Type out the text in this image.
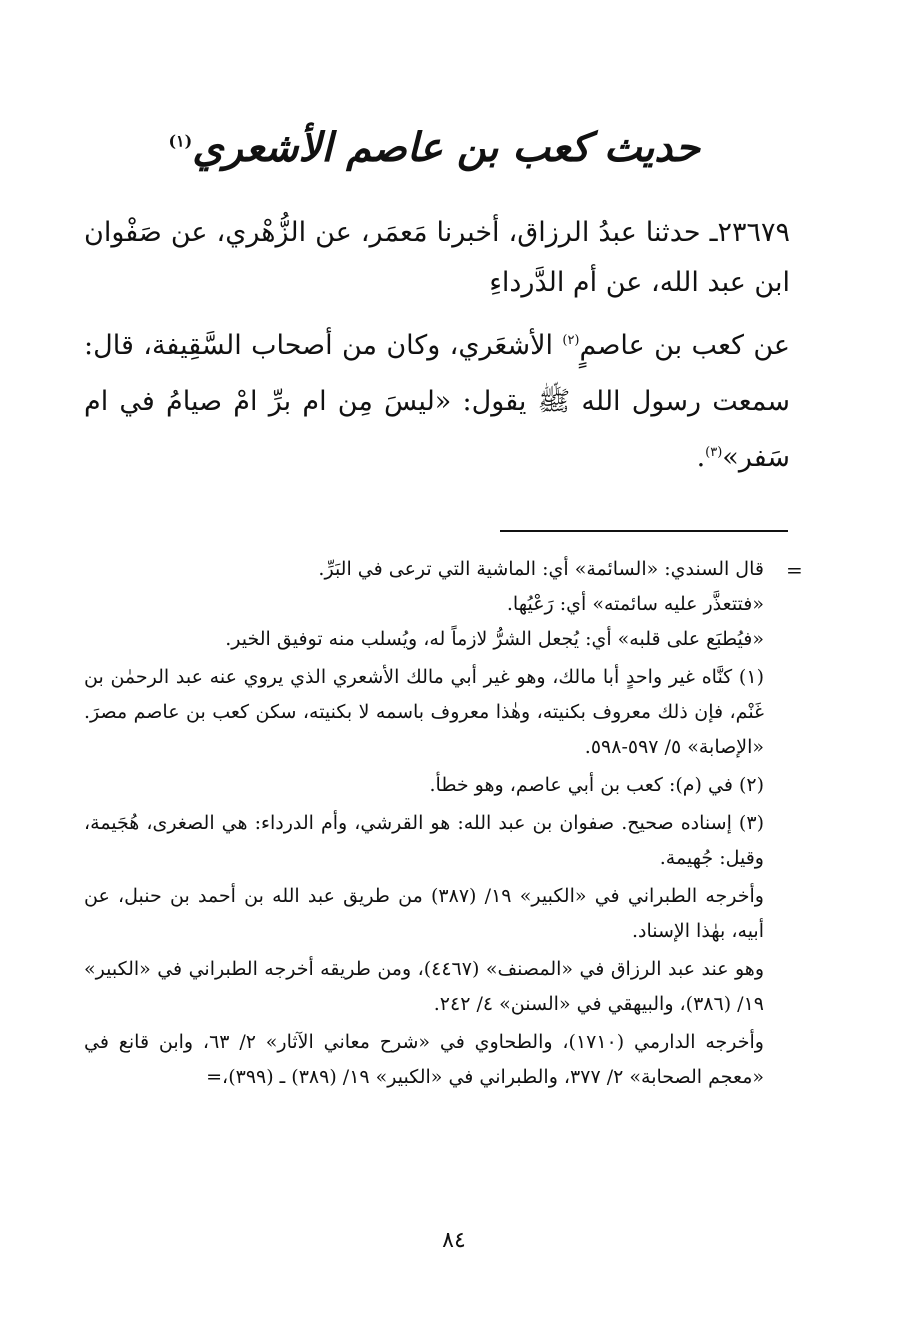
حديث كعب بن عاصم الأشعري$^{(١)}$

٢٣٦٧٩ـ حدثنا عبدُ الرزاق، أخبرنا مَعمَر، عن الزُّهْري، عن صَفْوان ابن عبد الله، عن أم الدَّرداءِ

عن كعب بن عاصمٍ$^{(٢)}$ الأشعَري، وكان من أصحاب السَّقِيفة، قال: سمعت رسول الله ﷺ يقول: «ليسَ مِن ام برِّ امْ صيامُ في ام سَفر»$^{(٣)}$.

=

قال السندي: «السائمة» أي: الماشية التي ترعى في البَرِّ.

«فتتعذَّر عليه سائمته» أي: رَعْيُها.

«فيُطبَع على قلبه» أي: يُجعل الشرُّ لازماً له، ويُسلب منه توفيق الخير.

(١) كنَّاه غير واحدٍ أبا مالك، وهو غير أبي مالك الأشعري الذي يروي عنه عبد الرحمٰن بن غَنْم، فإن ذلك معروف بكنيته، وهٰذا معروف باسمه لا بكنيته، سكن كعب بن عاصم مصرَ. «الإصابة» ٥/ ٥٩٧-٥٩٨.

(٢) في (م): كعب بن أبي عاصم، وهو خطأ.

(٣) إسناده صحيح. صفوان بن عبد الله: هو القرشي، وأم الدرداء: هي الصغرى، هُجَيمة، وقيل: جُهيمة.

وأخرجه الطبراني في «الكبير» ١٩/ (٣٨٧) من طريق عبد الله بن أحمد بن حنبل، عن أبيه، بهٰذا الإسناد.

وهو عند عبد الرزاق في «المصنف» (٤٤٦٧)، ومن طريقه أخرجه الطبراني في «الكبير» ١٩/ (٣٨٦)، والبيهقي في «السنن» ٤/ ٢٤٢.

وأخرجه الدارمي (١٧١٠)، والطحاوي في «شرح معاني الآثار» ٢/ ٦٣، وابن قانع في «معجم الصحابة» ٢/ ٣٧٧، والطبراني في «الكبير» ١٩/ (٣٨٩) ـ (٣٩٩)،=

٨٤
